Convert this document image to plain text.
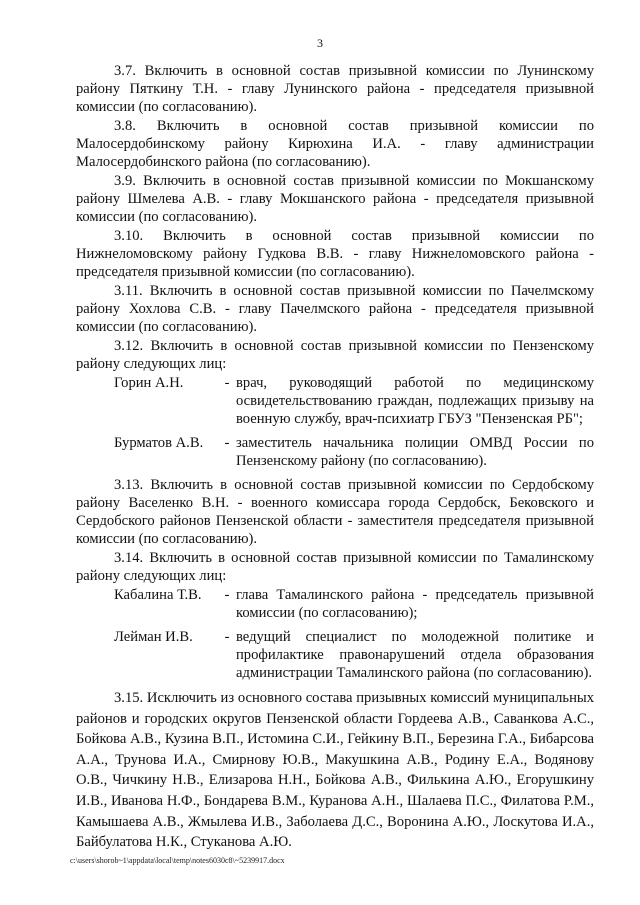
3

3.7. Включить в основной состав призывной комиссии по Лунинскому району Пяткину Т.Н. - главу Лунинского района - председателя призывной комиссии (по согласованию).

3.8. Включить в основной состав призывной комиссии по Малосердобинскому району Кирюхина И.А. - главу администрации Малосердобинского района (по согласованию).

3.9. Включить в основной состав призывной комиссии по Мокшанскому району Шмелева А.В. - главу Мокшанского района - председателя призывной комиссии (по согласованию).

3.10. Включить в основной состав призывной комиссии по Нижнеломовскому району Гудкова В.В. - главу Нижнеломовского района - председателя призывной комиссии (по согласованию).

3.11. Включить в основной состав призывной комиссии по Пачелмскому району Хохлова С.В. - главу Пачелмского района - председателя призывной комиссии (по согласованию).

3.12. Включить в основной состав призывной комиссии по Пензенскому району следующих лиц:

Горин А.Н.	- врач, руководящий работой по медицинскому освидетельствованию граждан, подлежащих призыву на военную службу, врач-психиатр ГБУЗ "Пензенская РБ";
Бурматов А.В.	- заместитель начальника полиции ОМВД России по Пензенскому району (по согласованию).

3.13. Включить в основной состав призывной комиссии по Сердобскому району Васеленко В.Н. - военного комиссара города Сердобск, Бековского и Сердобского районов Пензенской области - заместителя председателя призывной комиссии (по согласованию).

3.14. Включить в основной состав призывной комиссии по Тамалинскому району следующих лиц:

Кабалина Т.В.	- глава Тамалинского района - председатель призывной комиссии (по согласованию);
Лейман И.В.	- ведущий специалист по молодежной политике и профилактике правонарушений отдела образования администрации Тамалинского района (по согласованию).

3.15. Исключить из основного состава призывных комиссий муниципальных районов и городских округов Пензенской области Гордеева А.В., Саванкова А.С., Бойкова А.В., Кузина В.П., Истомина С.И., Гейкину В.П., Березина Г.А., Бибарсова А.А., Трунова И.А., Смирнову Ю.В., Макушкина А.В., Родину Е.А., Водянову О.В., Чичкину Н.В., Елизарова Н.Н., Бойкова А.В., Филькина А.Ю., Егорушкину И.В., Иванова Н.Ф., Бондарева В.М., Куранова А.Н., Шалаева П.С., Филатова Р.М., Камышаева А.В., Жмылева И.В., Заболаева Д.С., Воронина А.Ю., Лоскутова И.А., Байбулатова Н.К., Стуканова А.Ю.

c:\users\shorob~1\appdata\local\temp\notes6030c8\~5239917.docx
